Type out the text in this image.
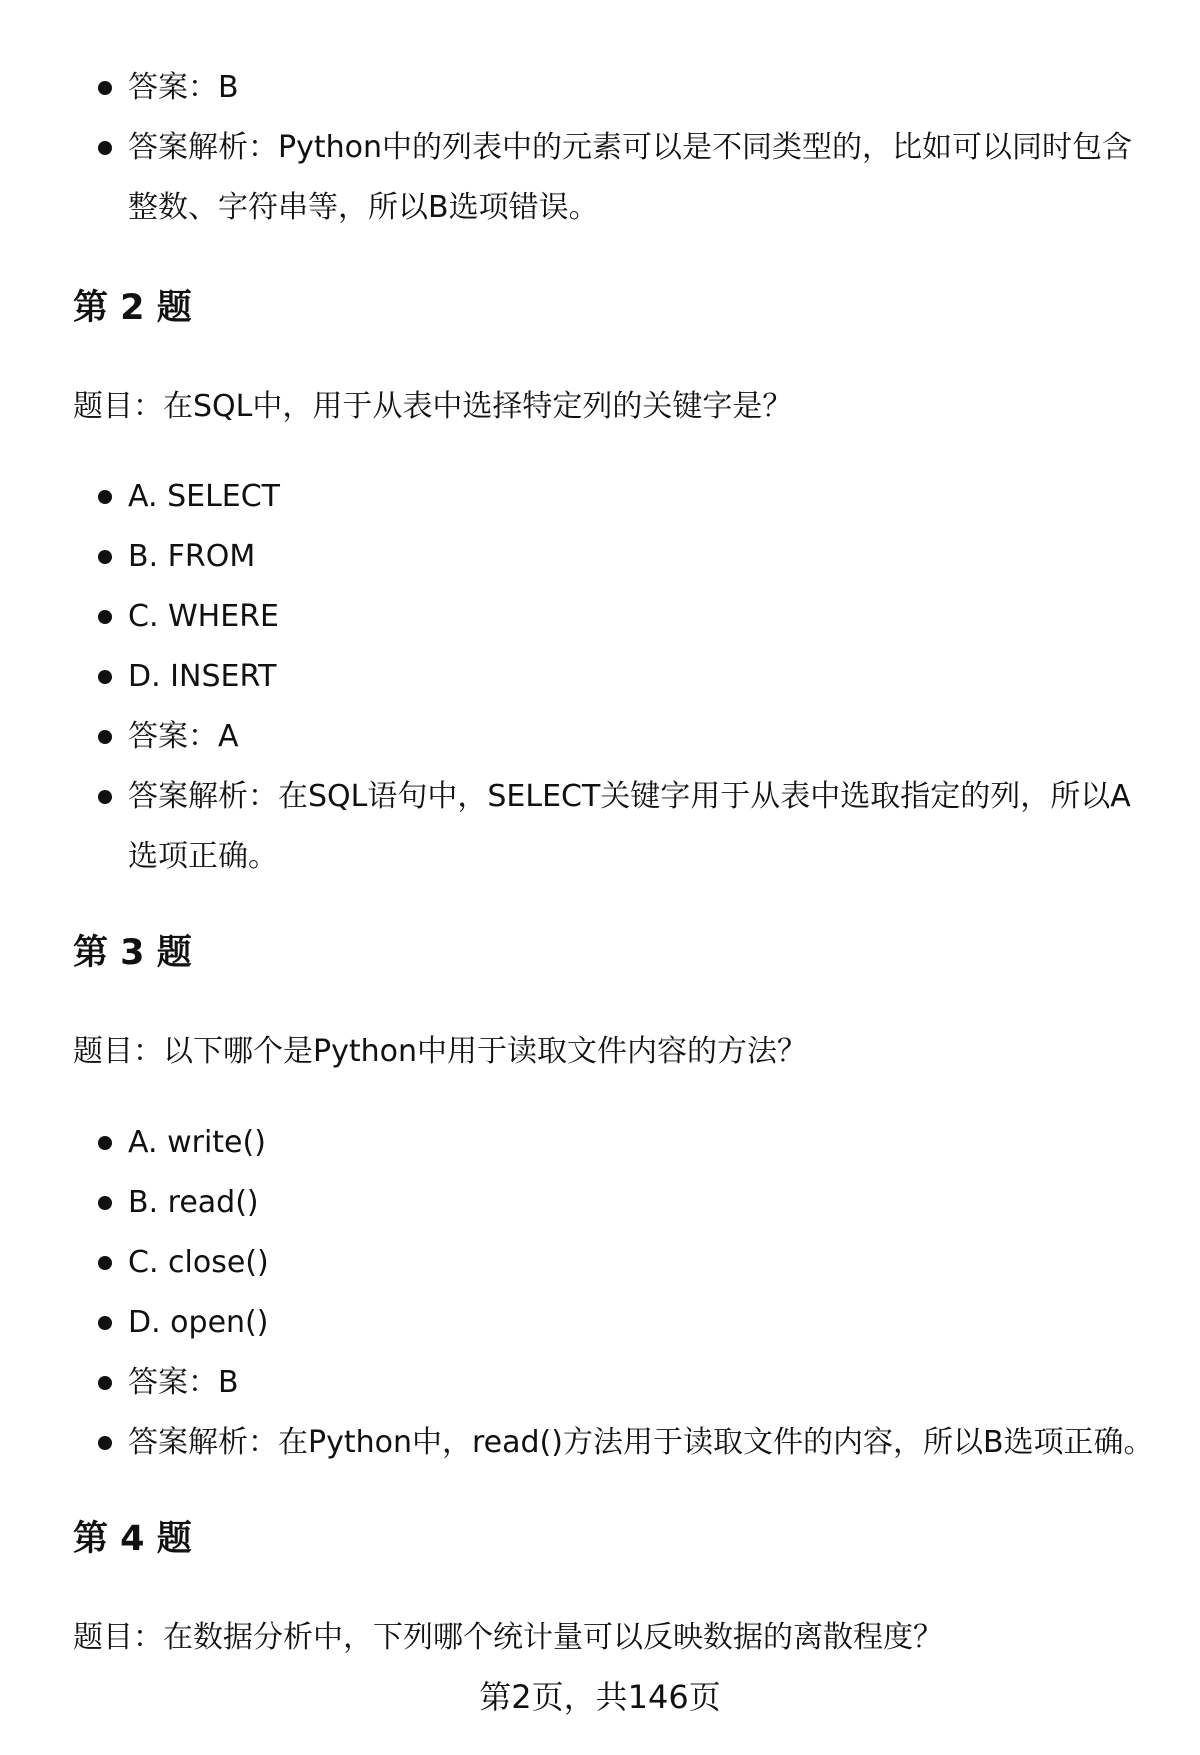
答案：B
答案解析：Python中的列表中的元素可以是不同类型的，比如可以同时包含整数、字符串等，所以B选项错误。
第 2 题

题目：在SQL中，用于从表中选择特定列的关键字是？

A. SELECT
B. FROM
C. WHERE
D. INSERT
答案：A
答案解析：在SQL语句中，SELECT关键字用于从表中选取指定的列，所以A选项正确。
第 3 题

题目：以下哪个是Python中用于读取文件内容的方法？

A. write()
B. read()
C. close()
D. open()
答案：B
答案解析：在Python中，read()方法用于读取文件的内容，所以B选项正确。
第 4 题

题目：在数据分析中，下列哪个统计量可以反映数据的离散程度？

第2页，共146页
